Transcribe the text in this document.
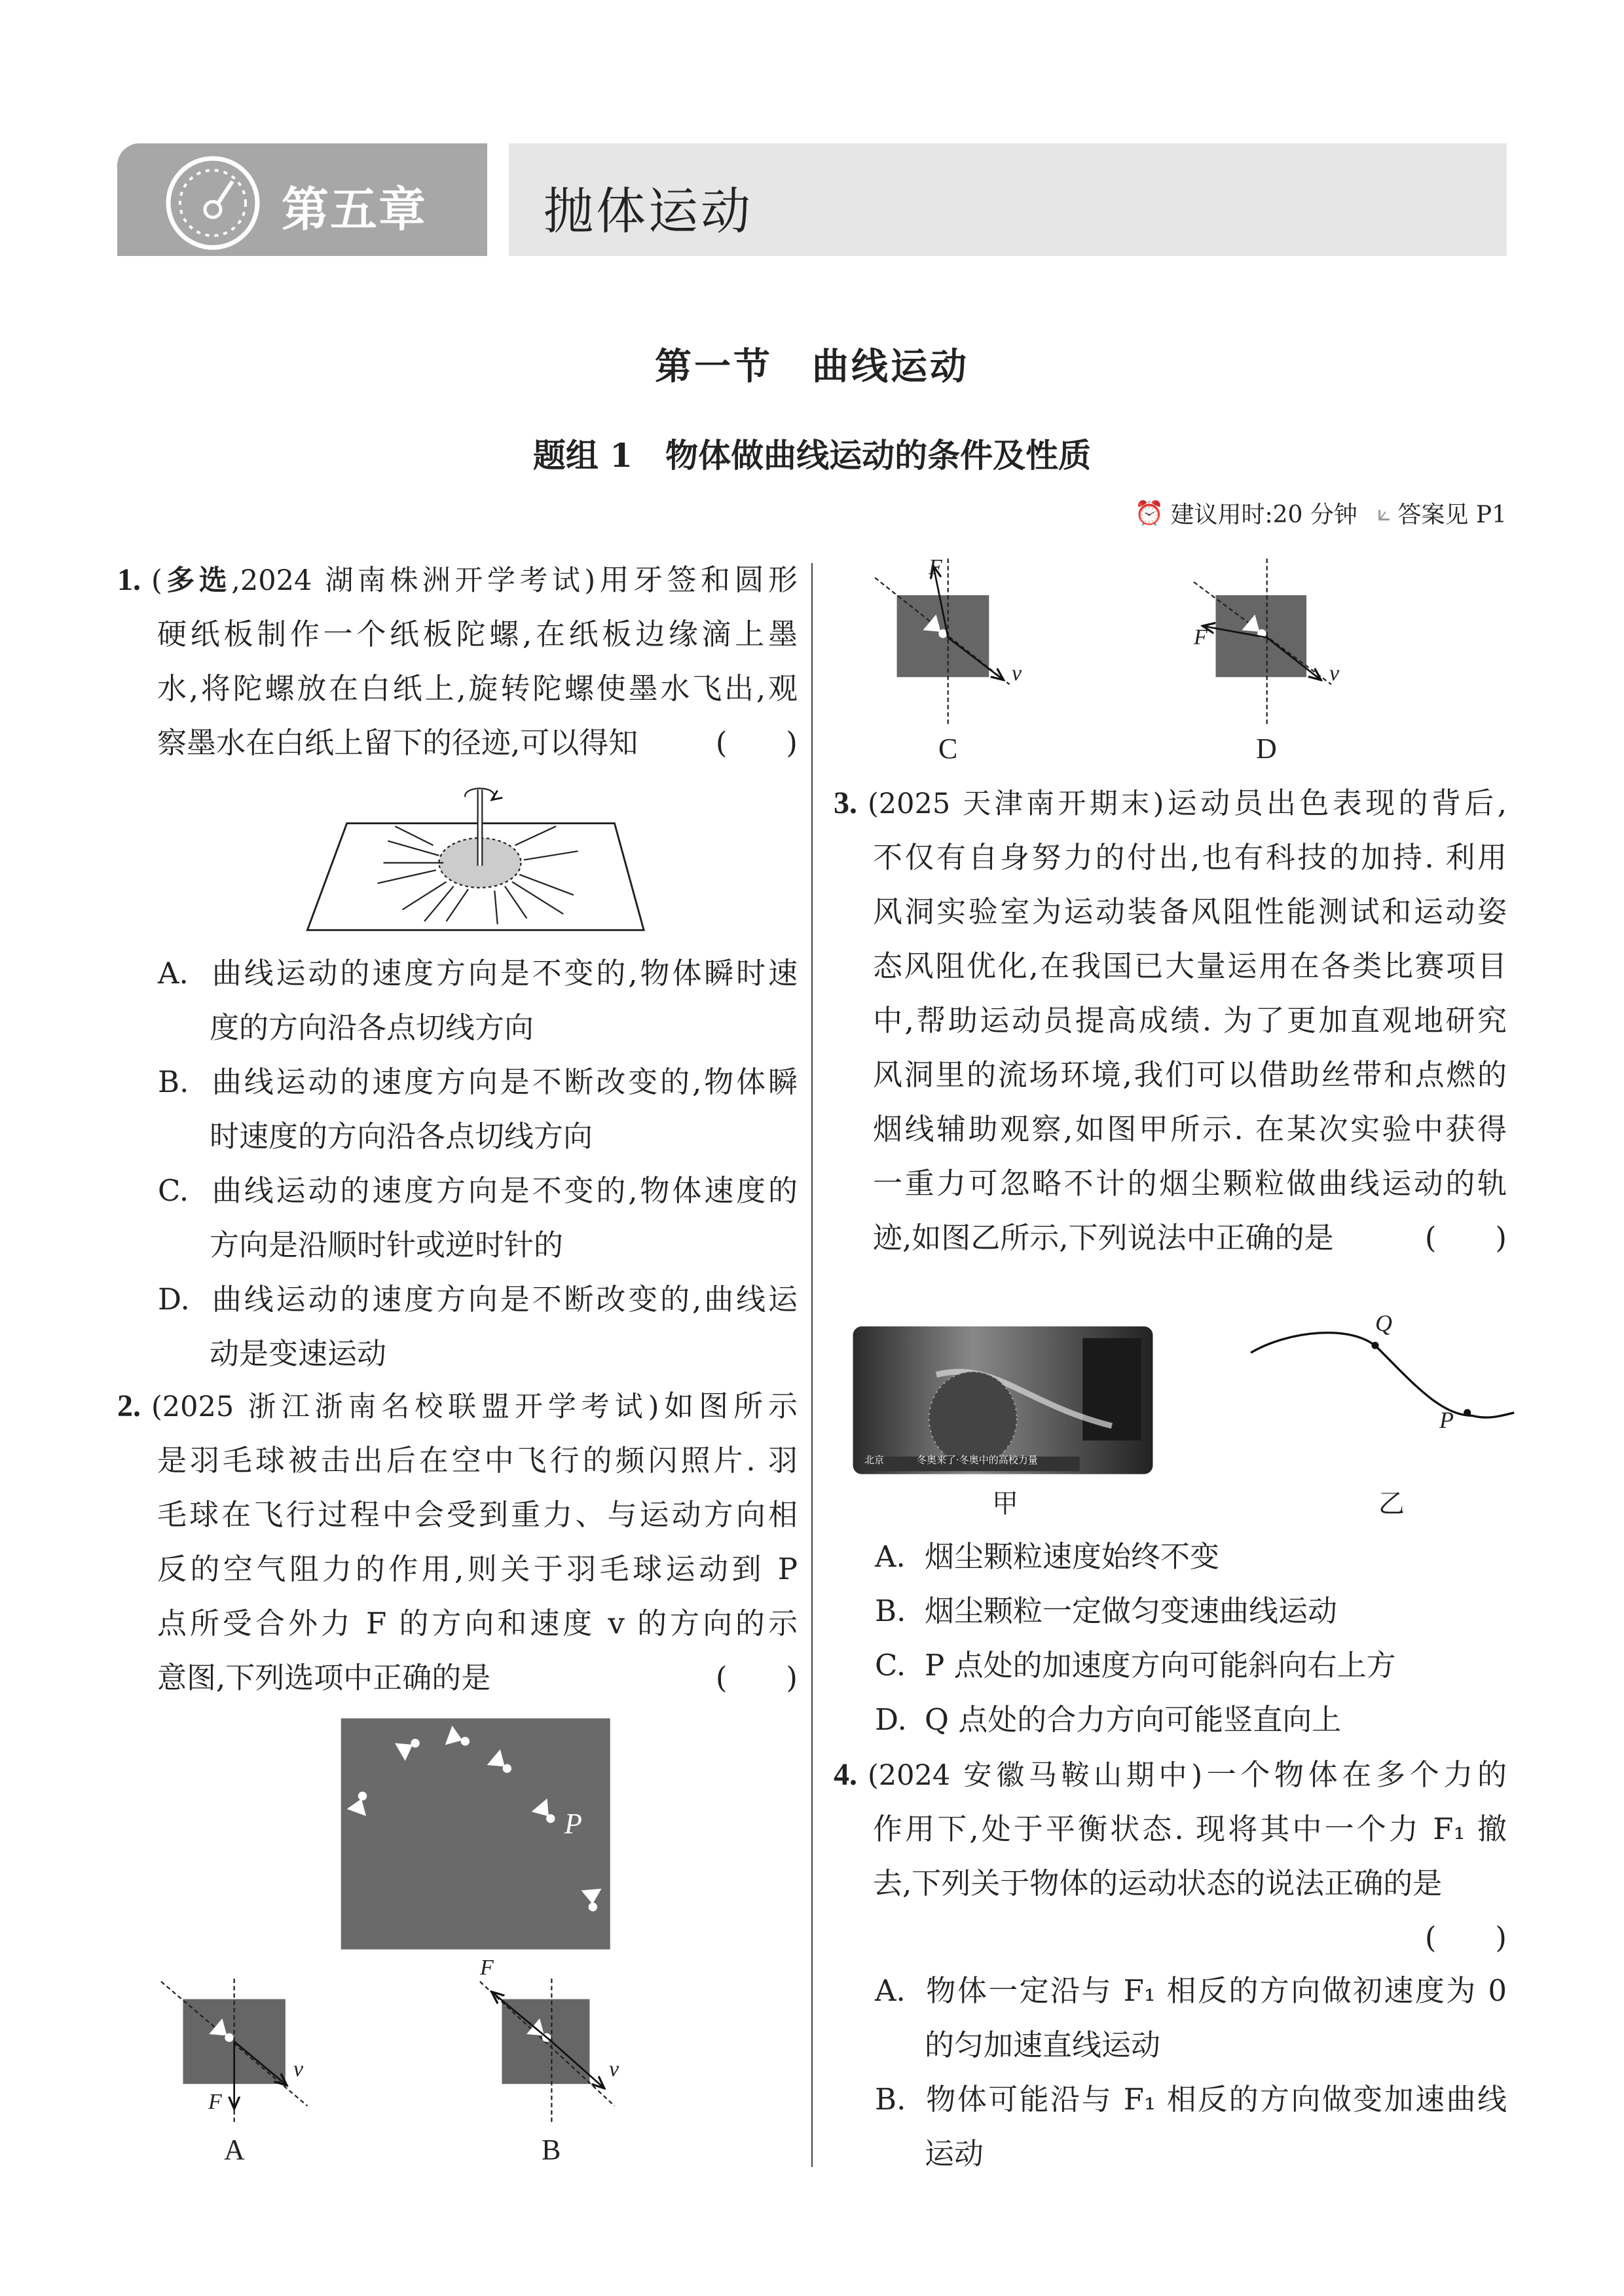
第五章 抛体运动
第一节　曲线运动
题组 1　物体做曲线运动的条件及性质
⏰ 建议用时:20 分钟 ⟀ 答案见 P1
P
F
v
A
F
v
B
F
v
C
F
v
D
北京	冬奥来了·冬奥中的高校力量
甲	乙
Q
P
1. (多选,2024 湖南株洲开学考试)用牙签和圆形
硬纸板制作一个纸板陀螺,在纸板边缘滴上墨
水,将陀螺放在白纸上,旋转陀螺使墨水飞出,观
察墨水在白纸上留下的径迹,可以得知	(　　)
A. 曲线运动的速度方向是不变的,物体瞬时速
度的方向沿各点切线方向
B. 曲线运动的速度方向是不断改变的,物体瞬
时速度的方向沿各点切线方向
C. 曲线运动的速度方向是不变的,物体速度的
方向是沿顺时针或逆时针的
D. 曲线运动的速度方向是不断改变的,曲线运
动是变速运动
2. (2025 浙江浙南名校联盟开学考试)如图所示
是羽毛球被击出后在空中飞行的频闪照片. 羽
毛球在飞行过程中会受到重力、与运动方向相
反的空气阻力的作用,则关于羽毛球运动到 P
点所受合外力 F 的方向和速度 v 的方向的示
意图,下列选项中正确的是	(　　)
3. (2025 天津南开期末)运动员出色表现的背后,
不仅有自身努力的付出,也有科技的加持. 利用
风洞实验室为运动装备风阻性能测试和运动姿
态风阻优化,在我国已大量运用在各类比赛项目
中,帮助运动员提高成绩. 为了更加直观地研究
风洞里的流场环境,我们可以借助丝带和点燃的
烟线辅助观察,如图甲所示. 在某次实验中获得
一重力可忽略不计的烟尘颗粒做曲线运动的轨
迹,如图乙所示,下列说法中正确的是	(　　)
A. 烟尘颗粒速度始终不变
B. 烟尘颗粒一定做匀变速曲线运动
C. P 点处的加速度方向可能斜向右上方
D. Q 点处的合力方向可能竖直向上
4. (2024 安徽马鞍山期中)一个物体在多个力的
作用下,处于平衡状态. 现将其中一个力 F₁ 撤
去,下列关于物体的运动状态的说法正确的是
(　　)
A. 物体一定沿与 F₁ 相反的方向做初速度为 0
的匀加速直线运动
B. 物体可能沿与 F₁ 相反的方向做变加速曲线
运动
